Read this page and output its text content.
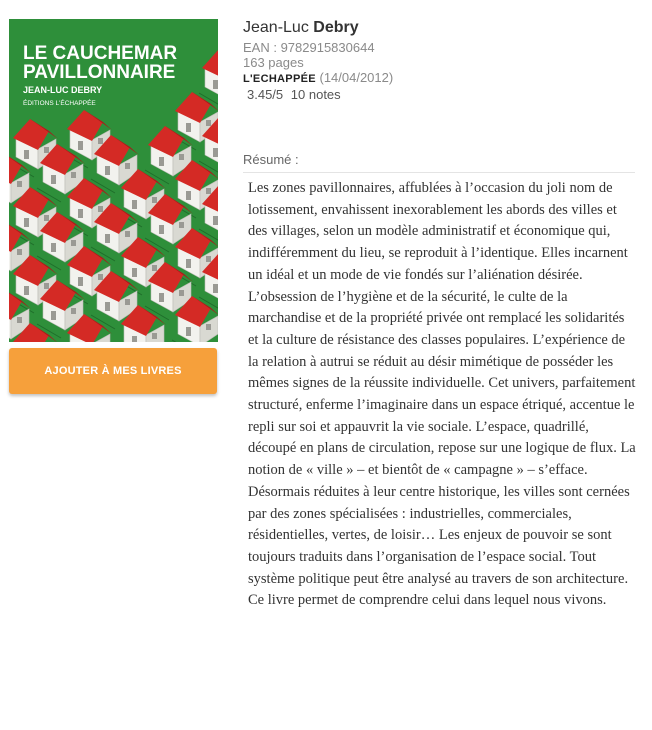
LE CAUCHEMAR
PAVILLONNAIRE
JEAN-LUC DEBRY
ÉDITIONS L'ÉCHAPPÉE
AJOUTER À MES LIVRES
Jean-Luc Debry
EAN : 9782915830644
163 pages
L'ECHAPPÉE (14/04/2012)
3.45/5 10 notes
Résumé :

Les zones pavillonnaires, affublées à l’occasion du joli nom de lotissement, envahissent inexorablement les abords des villes et des villages, selon un modèle administratif et économique qui, indifféremment du lieu, se reproduit à l’identique. Elles incarnent un idéal et un mode de vie fondés sur l’aliénation désirée. L’obsession de l’hygiène et de la sécurité, le culte de la marchandise et de la propriété privée ont remplacé les solidarités et la culture de résistance des classes populaires. L’expérience de la relation à autrui se réduit au désir mimétique de posséder les mêmes signes de la réussite individuelle. Cet univers, parfaitement structuré, enferme l’imaginaire dans un espace étriqué, accentue le repli sur soi et appauvrit la vie sociale. L’espace, quadrillé, découpé en plans de circulation, repose sur une logique de flux. La notion de « ville » – et bientôt de « campagne » – s’efface. Désormais réduites à leur centre historique, les villes sont cernées par des zones spécialisées : industrielles, commerciales, résidentielles, vertes, de loisir… Les enjeux de pouvoir se sont toujours traduits dans l’organisation de l’espace social. Tout système politique peut être analysé au travers de son architecture. Ce livre permet de comprendre celui dans lequel nous vivons.
